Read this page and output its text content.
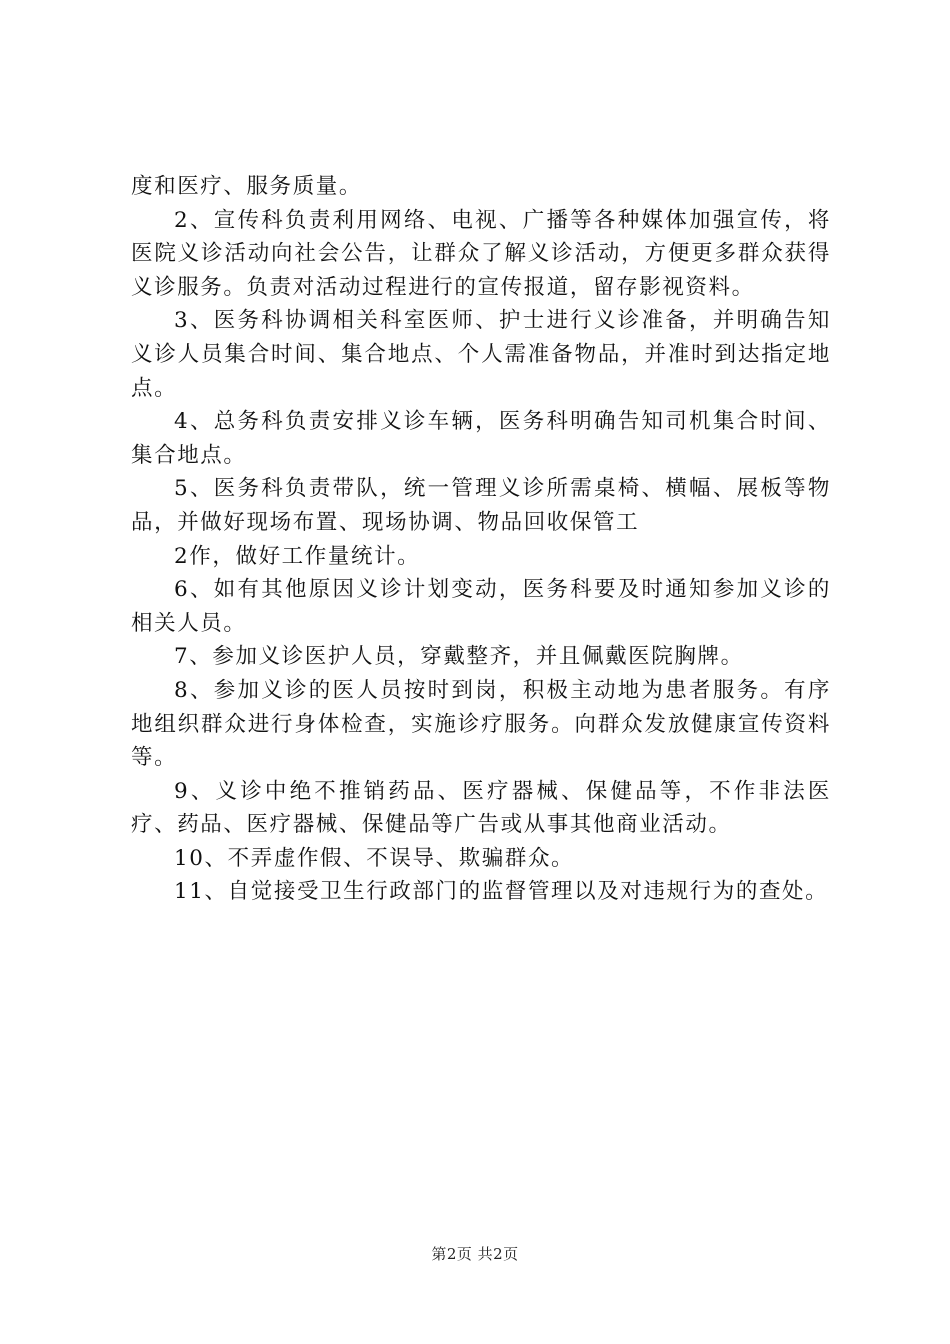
度和医疗、服务质量。

2、宣传科负责利用网络、电视、广播等各种媒体加强宣传，将医院义诊活动向社会公告，让群众了解义诊活动，方便更多群众获得义诊服务。负责对活动过程进行的宣传报道，留存影视资料。

3、医务科协调相关科室医师、护士进行义诊准备，并明确告知义诊人员集合时间、集合地点、个人需准备物品，并准时到达指定地点。

4、总务科负责安排义诊车辆，医务科明确告知司机集合时间、集合地点。

5、医务科负责带队，统一管理义诊所需桌椅、横幅、展板等物品，并做好现场布置、现场协调、物品回收保管工

2作，做好工作量统计。

6、如有其他原因义诊计划变动，医务科要及时通知参加义诊的相关人员。

7、参加义诊医护人员，穿戴整齐，并且佩戴医院胸牌。

8、参加义诊的医人员按时到岗，积极主动地为患者服务。有序地组织群众进行身体检查，实施诊疗服务。向群众发放健康宣传资料等。

9、义诊中绝不推销药品、医疗器械、保健品等，不作非法医疗、药品、医疗器械、保健品等广告或从事其他商业活动。

10、不弄虚作假、不误导、欺骗群众。

11、自觉接受卫生行政部门的监督管理以及对违规行为的查处。

第2页 共2页
